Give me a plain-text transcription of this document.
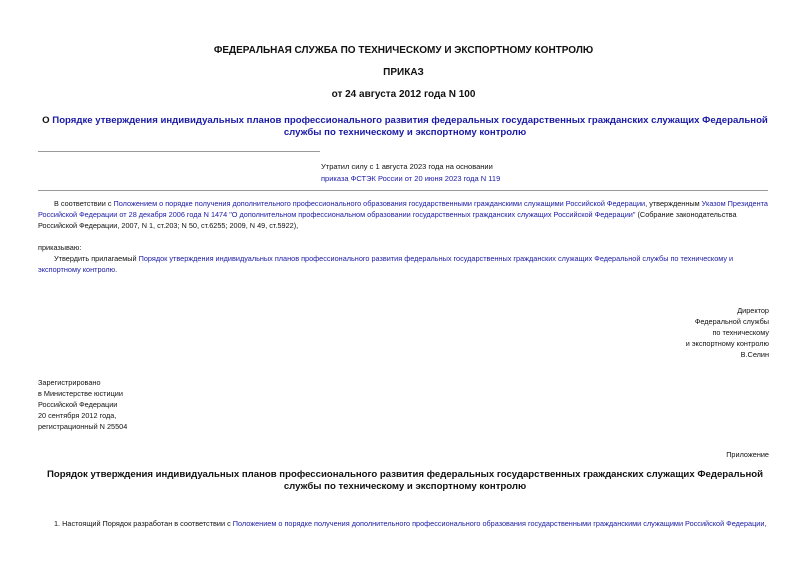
ФЕДЕРАЛЬНАЯ СЛУЖБА ПО ТЕХНИЧЕСКОМУ И ЭКСПОРТНОМУ КОНТРОЛЮ
ПРИКАЗ
от 24 августа 2012 года N 100
О Порядке утверждения индивидуальных планов профессионального развития федеральных государственных гражданских служащих Федеральной службы по техническому и экспортному контролю
Утратил силу с 1 августа 2023 года на основании
приказа ФСТЭК России от 20 июня 2023 года N 119
В соответствии с Положением о порядке получения дополнительного профессионального образования государственными гражданскими служащими Российской Федерации, утвержденным Указом Президента Российской Федерации от 28 декабря 2006 года N 1474 "О дополнительном профессиональном образовании государственных гражданских служащих Российской Федерации" (Собрание законодательства Российской Федерации, 2007, N 1, ст.203; N 50, ст.6255; 2009, N 49, ст.5922),
приказываю:
Утвердить прилагаемый Порядок утверждения индивидуальных планов профессионального развития федеральных государственных гражданских служащих Федеральной службы по техническому и экспортному контролю.
Директор
Федеральной службы
по техническому
и экспортному контролю
В.Селин
Зарегистрировано
в Министерстве юстиции
Российской Федерации
20 сентября 2012 года,
регистрационный N 25504
Приложение
Порядок утверждения индивидуальных планов профессионального развития федеральных государственных гражданских служащих Федеральной службы по техническому и экспортному контролю
1. Настоящий Порядок разработан в соответствии с Положением о порядке получения дополнительного профессионального образования государственными гражданскими служащими Российской Федерации,
